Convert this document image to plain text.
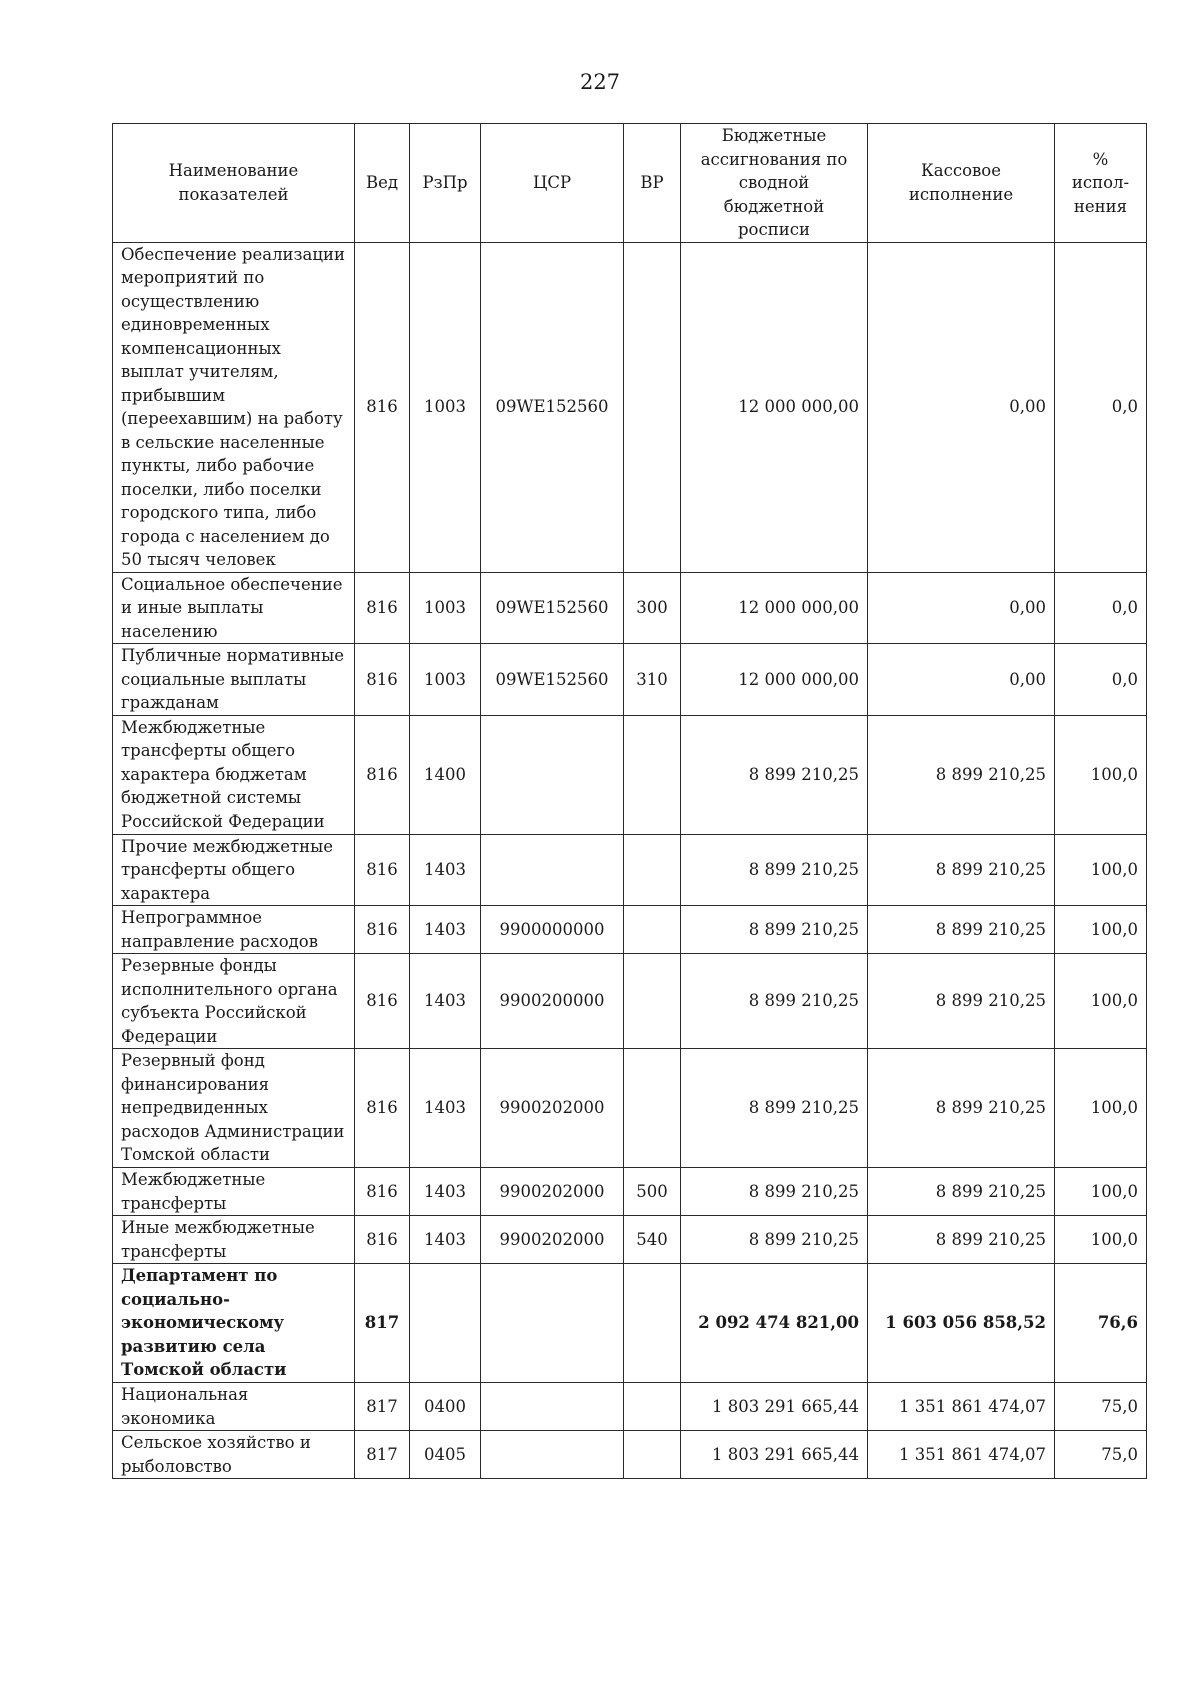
227
Наименование показателей	Вед	РзПр	ЦСР	ВР	Бюджетные ассигнования по сводной бюджетной росписи	Кассовое исполнение	% испол-нения
Обеспечение реализации мероприятий по осуществлению единовременных компенсационных выплат учителям, прибывшим (переехавшим) на работу в сельские населенные пункты, либо рабочие поселки, либо поселки городского типа, либо города с населением до 50 тысяч человек	816	1003	09WE152560		12 000 000,00	0,00	0,0
Социальное обеспечение и иные выплаты населению	816	1003	09WE152560	300	12 000 000,00	0,00	0,0
Публичные нормативные социальные выплаты гражданам	816	1003	09WE152560	310	12 000 000,00	0,00	0,0
Межбюджетные трансферты общего характера бюджетам бюджетной системы Российской Федерации	816	1400			8 899 210,25	8 899 210,25	100,0
Прочие межбюджетные трансферты общего характера	816	1403			8 899 210,25	8 899 210,25	100,0
Непрограммное направление расходов	816	1403	9900000000		8 899 210,25	8 899 210,25	100,0
Резервные фонды исполнительного органа субъекта Российской Федерации	816	1403	9900200000		8 899 210,25	8 899 210,25	100,0
Резервный фонд финансирования непредвиденных расходов Администрации Томской области	816	1403	9900202000		8 899 210,25	8 899 210,25	100,0
Межбюджетные трансферты	816	1403	9900202000	500	8 899 210,25	8 899 210,25	100,0
Иные межбюджетные трансферты	816	1403	9900202000	540	8 899 210,25	8 899 210,25	100,0
Департамент по социально-экономическому развитию села Томской области	817				2 092 474 821,00	1 603 056 858,52	76,6
Национальная экономика	817	0400			1 803 291 665,44	1 351 861 474,07	75,0
Сельское хозяйство и рыболовство	817	0405			1 803 291 665,44	1 351 861 474,07	75,0
